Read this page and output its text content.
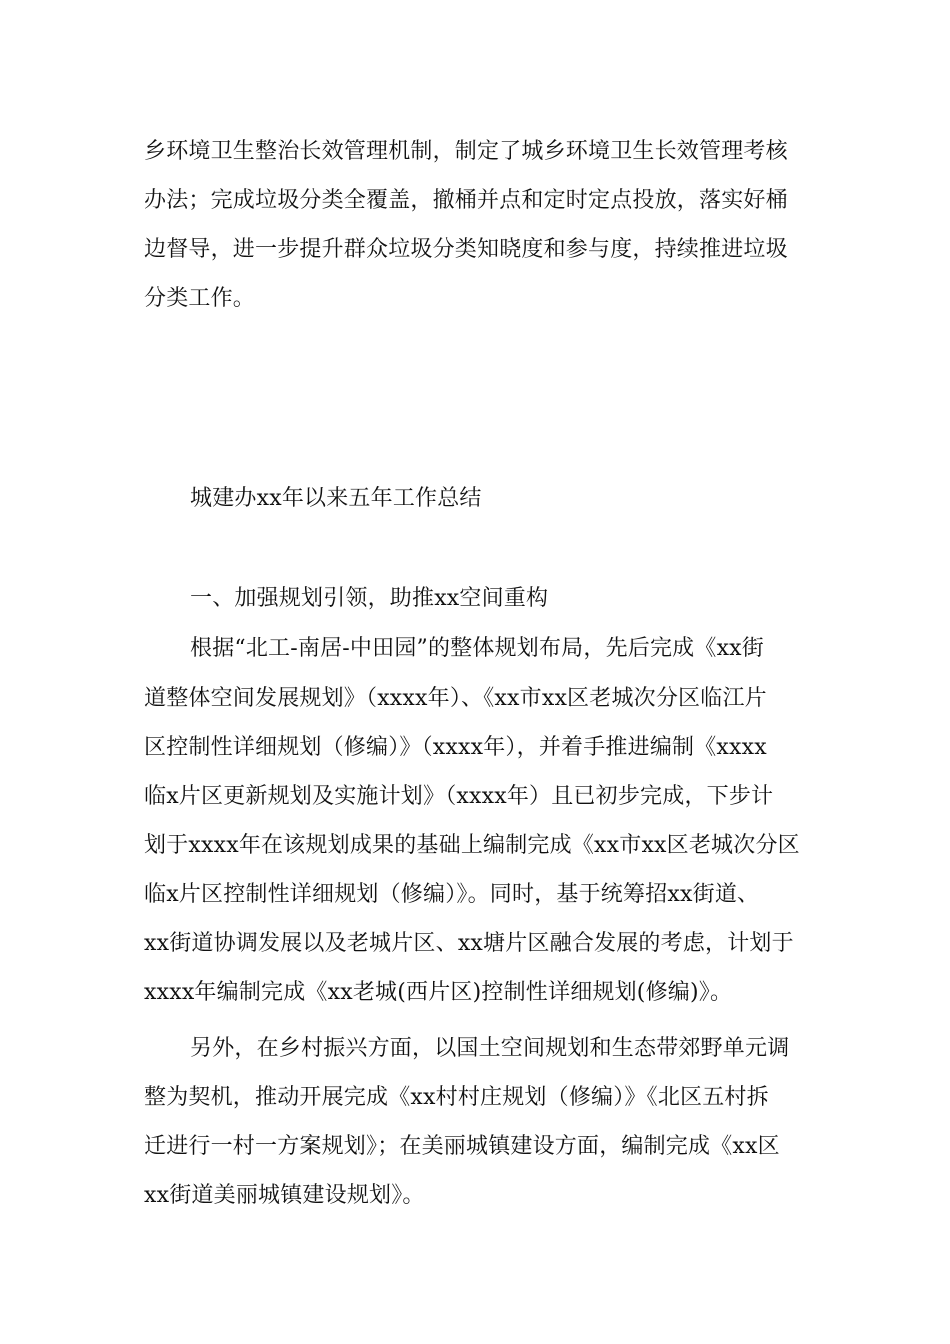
乡环境卫生整治长效管理机制，制定了城乡环境卫生长效管理考核
办法；完成垃圾分类全覆盖，撤桶并点和定时定点投放，落实好桶
边督导，进一步提升群众垃圾分类知晓度和参与度，持续推进垃圾
分类工作。
城建办xx年以来五年工作总结
一、加强规划引领，助推xx空间重构
根据“北工-南居-中田园”的整体规划布局，先后完成《xx街
道整体空间发展规划》（xxxx年）、《xx市xx区老城次分区临江片
区控制性详细规划（修编）》（xxxx年），并着手推进编制《xxxx
临x片区更新规划及实施计划》（xxxx年）且已初步完成，下步计
划于xxxx年在该规划成果的基础上编制完成《xx市xx区老城次分区
临x片区控制性详细规划（修编）》。同时，基于统筹招xx街道、
xx街道协调发展以及老城片区、xx塘片区融合发展的考虑，计划于
xxxx年编制完成《xx老城(西片区)控制性详细规划(修编)》。
另外，在乡村振兴方面，以国土空间规划和生态带郊野单元调
整为契机，推动开展完成《xx村村庄规划（修编）》《北区五村拆
迁进行一村一方案规划》；在美丽城镇建设方面，编制完成《xx区
xx街道美丽城镇建设规划》。
